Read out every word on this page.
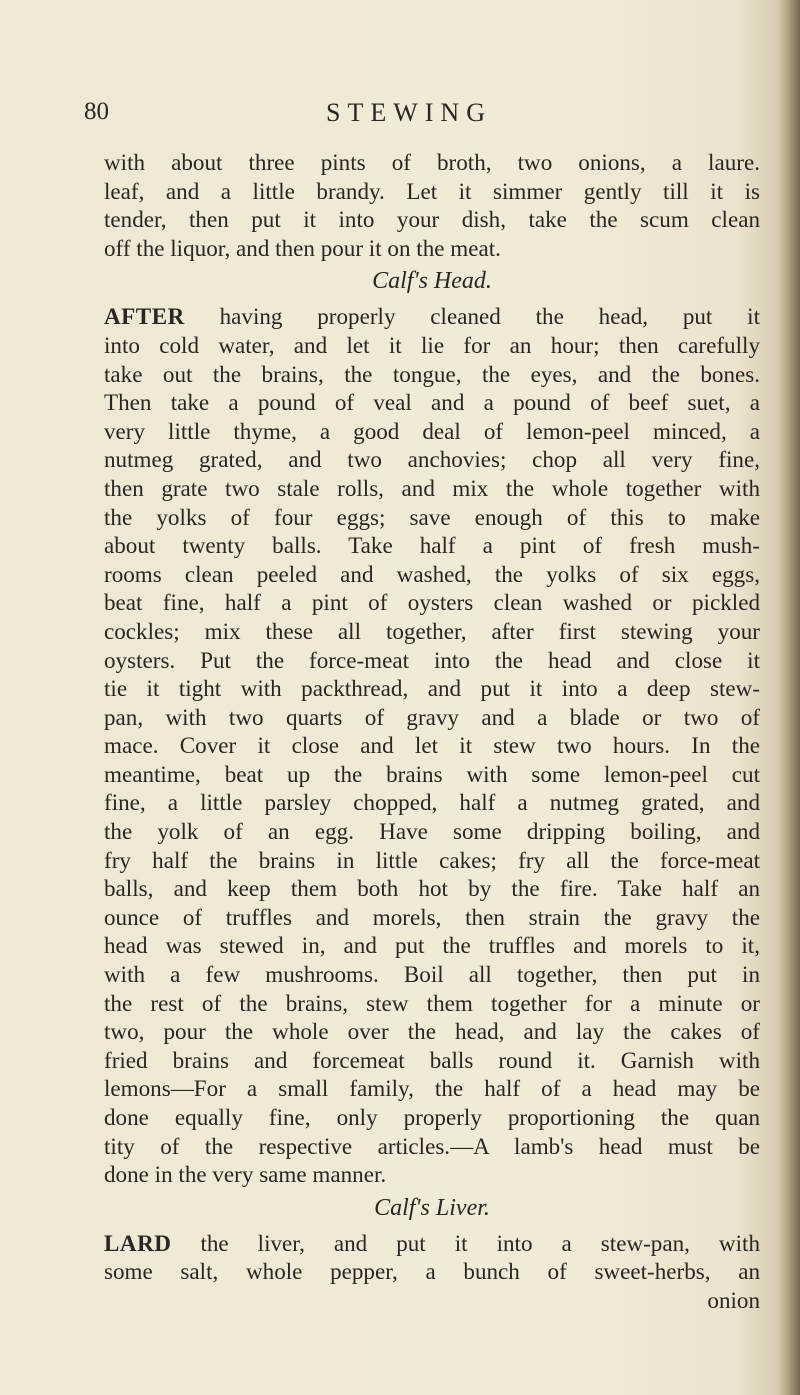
80	STEWING
with about three pints of broth, two onions, a laure.
leaf, and a little brandy. Let it simmer gently till it is
tender, then put it into your dish, take the scum clean
off the liquor, and then pour it on the meat.
Calf's Head.
AFTER having properly cleaned the head, put it
into cold water, and let it lie for an hour; then carefully
take out the brains, the tongue, the eyes, and the bones.
Then take a pound of veal and a pound of beef suet, a
very little thyme, a good deal of lemon-peel minced, a
nutmeg grated, and two anchovies; chop all very fine,
then grate two stale rolls, and mix the whole together with
the yolks of four eggs; save enough of this to make
about twenty balls. Take half a pint of fresh mush-
rooms clean peeled and washed, the yolks of six eggs,
beat fine, half a pint of oysters clean washed or pickled
cockles; mix these all together, after first stewing your
oysters. Put the force-meat into the head and close it
tie it tight with packthread, and put it into a deep stew-
pan, with two quarts of gravy and a blade or two of
mace. Cover it close and let it stew two hours. In the
meantime, beat up the brains with some lemon-peel cut
fine, a little parsley chopped, half a nutmeg grated, and
the yolk of an egg. Have some dripping boiling, and
fry half the brains in little cakes; fry all the force-meat
balls, and keep them both hot by the fire. Take half an
ounce of truffles and morels, then strain the gravy the
head was stewed in, and put the truffles and morels to it,
with a few mushrooms. Boil all together, then put in
the rest of the brains, stew them together for a minute or
two, pour the whole over the head, and lay the cakes of
fried brains and forcemeat balls round it. Garnish with
lemons—For a small family, the half of a head may be
done equally fine, only properly proportioning the quan
tity of the respective articles.—A lamb's head must be
done in the very same manner.
Calf's Liver.
LARD the liver, and put it into a stew-pan, with
some salt, whole pepper, a bunch of sweet-herbs, an
onion
